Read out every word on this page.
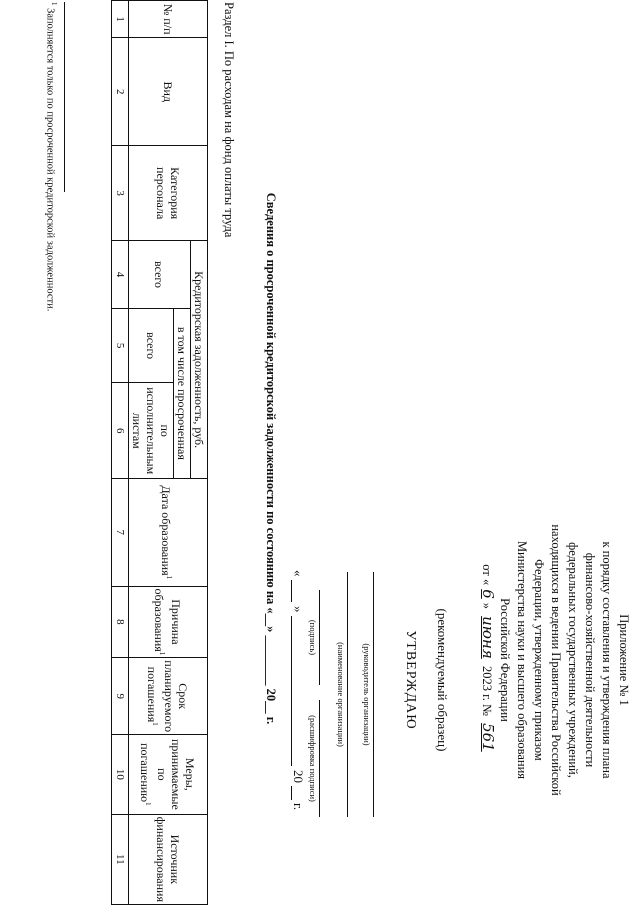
Приложение № 1
к порядку составления и утверждения плана
финансово-хозяйственной деятельности
федеральных государственных учреждений,
находящихся в ведении Правительства Российской
Федерации, утвержденному приказом
Министерства науки и высшего образования
Российской Федерации
от «6» июня 2023 г. № 561
(рекомендуемый образец)
УТВЕРЖДАЮ
(руководитель организации)
(наименование организации)
(подпись)
(расшифровка подписи)
«
»
20
г.
Сведения о просроченной кредиторской задолженности по состоянию на «__» ________ 20__ г.
Раздел I. По расходам на фонд оплаты труда
№ п/п	Вид	Категория персонала	Кредиторская задолженность, руб.			Дата образования$^1$	Причина образования$^1$	Срок планируемого погашения$^1$	Меры, принимаемые по погашению$^1$	Источник финансирования
			всего	в том числе просроченная						
				всего	по исполнительным листам					
1	2	3	4	5	6	7	8	9	10	11
$^1$ Заполняется только по просроченной кредиторской задолженности.
